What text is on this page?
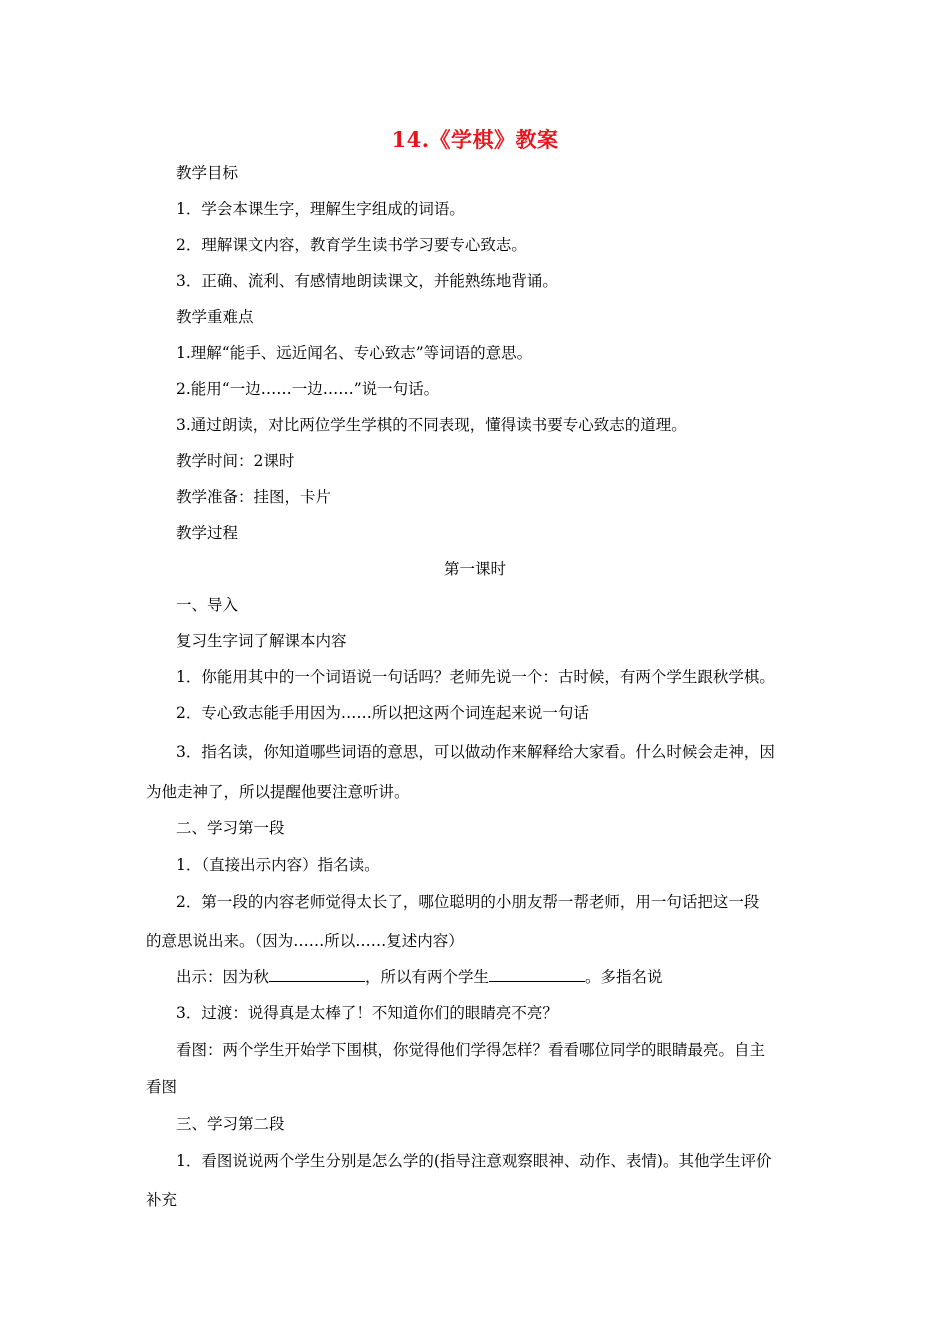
14.《学棋》教案
教学目标
1．学会本课生字，理解生字组成的词语。
2．理解课文内容，教育学生读书学习要专心致志。
3．正确、流利、有感情地朗读课文，并能熟练地背诵。
教学重难点
1.理解“能手、远近闻名、专心致志”等词语的意思。
2.能用“一边……一边……”说一句话。
3.通过朗读，对比两位学生学棋的不同表现，懂得读书要专心致志的道理。
教学时间：2课时
教学准备：挂图，卡片
教学过程
第一课时
一、导入
复习生字词了解课本内容
1．你能用其中的一个词语说一句话吗？老师先说一个：古时候，有两个学生跟秋学棋。
2．专心致志能手用因为……所以把这两个词连起来说一句话
3．指名读，你知道哪些词语的意思，可以做动作来解释给大家看。什么时候会走神，因
为他走神了，所以提醒他要注意听讲。
二、学习第一段
1．（直接出示内容）指名读。
2．第一段的内容老师觉得太长了，哪位聪明的小朋友帮一帮老师，用一句话把这一段
的意思说出来。（因为……所以……复述内容）
出示：因为秋	，所以有两个学生	。多指名说
3．过渡：说得真是太棒了！不知道你们的眼睛亮不亮？
看图：两个学生开始学下围棋，你觉得他们学得怎样？看看哪位同学的眼睛最亮。自主
看图
三、学习第二段
1．看图说说两个学生分别是怎么学的(指导注意观察眼神、动作、表情)。其他学生评价
补充
